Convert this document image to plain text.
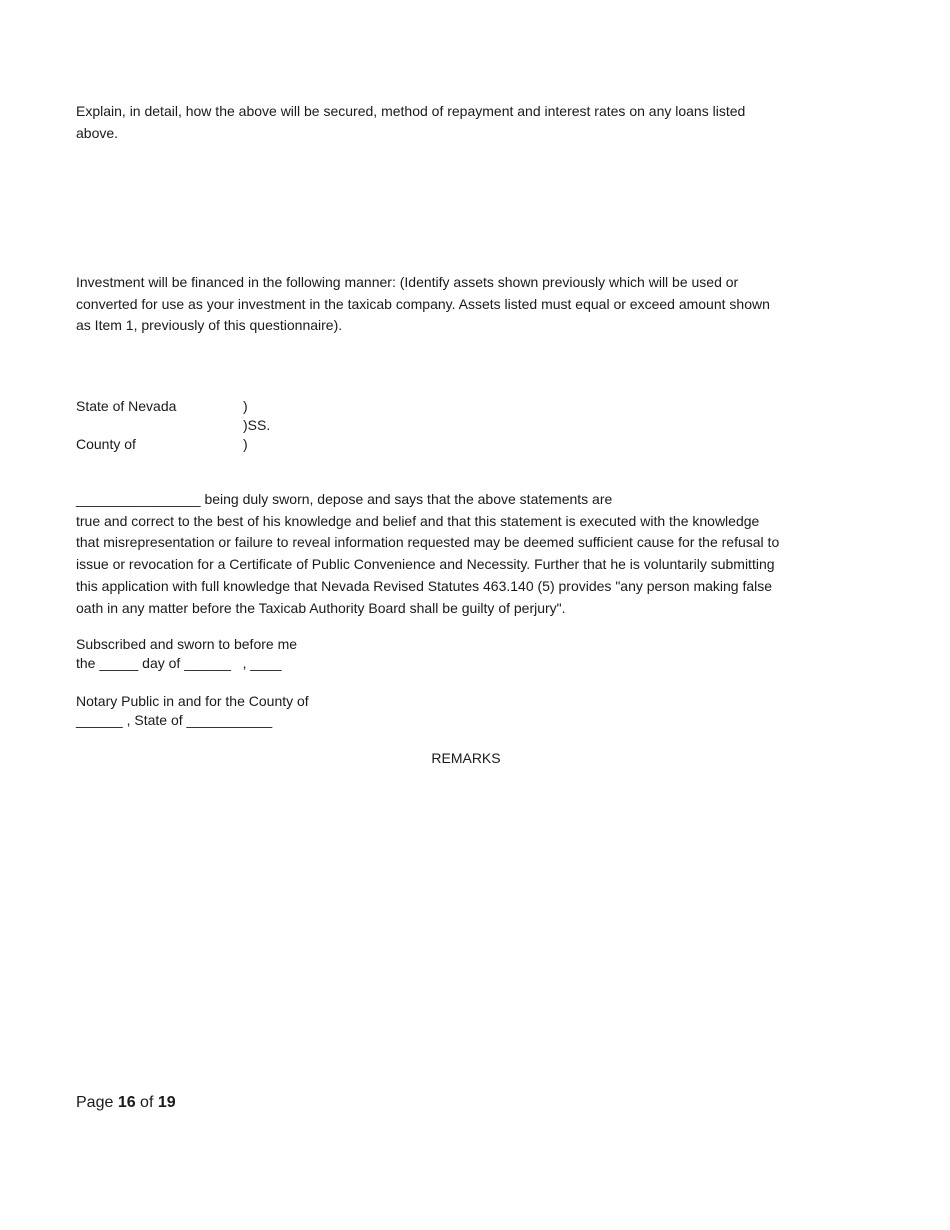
Explain, in detail, how the above will be secured, method of repayment and interest rates on any loans listed
above.
Investment will be financed in the following manner: (Identify assets shown previously which will be used or
converted for use as your investment in the taxicab company. Assets listed must equal or exceed amount shown
as Item 1, previously of this questionnaire).
State of Nevada
County of
)
)SS.
)
________________ being duly sworn, depose and says that the above statements are
true and correct to the best of his knowledge and belief and that this statement is executed with the knowledge
that misrepresentation or failure to reveal information requested may be deemed sufficient cause for the refusal to
issue or revocation for a Certificate of Public Convenience and Necessity. Further that he is voluntarily submitting
this application with full knowledge that Nevada Revised Statutes 463.140 (5) provides "any person making false
oath in any matter before the Taxicab Authority Board shall be guilty of perjury".
Subscribed and sworn to before me
the _____ day of ______   , ____
Notary Public in and for the County of
______ , State of ___________
REMARKS
Page 16 of 19
